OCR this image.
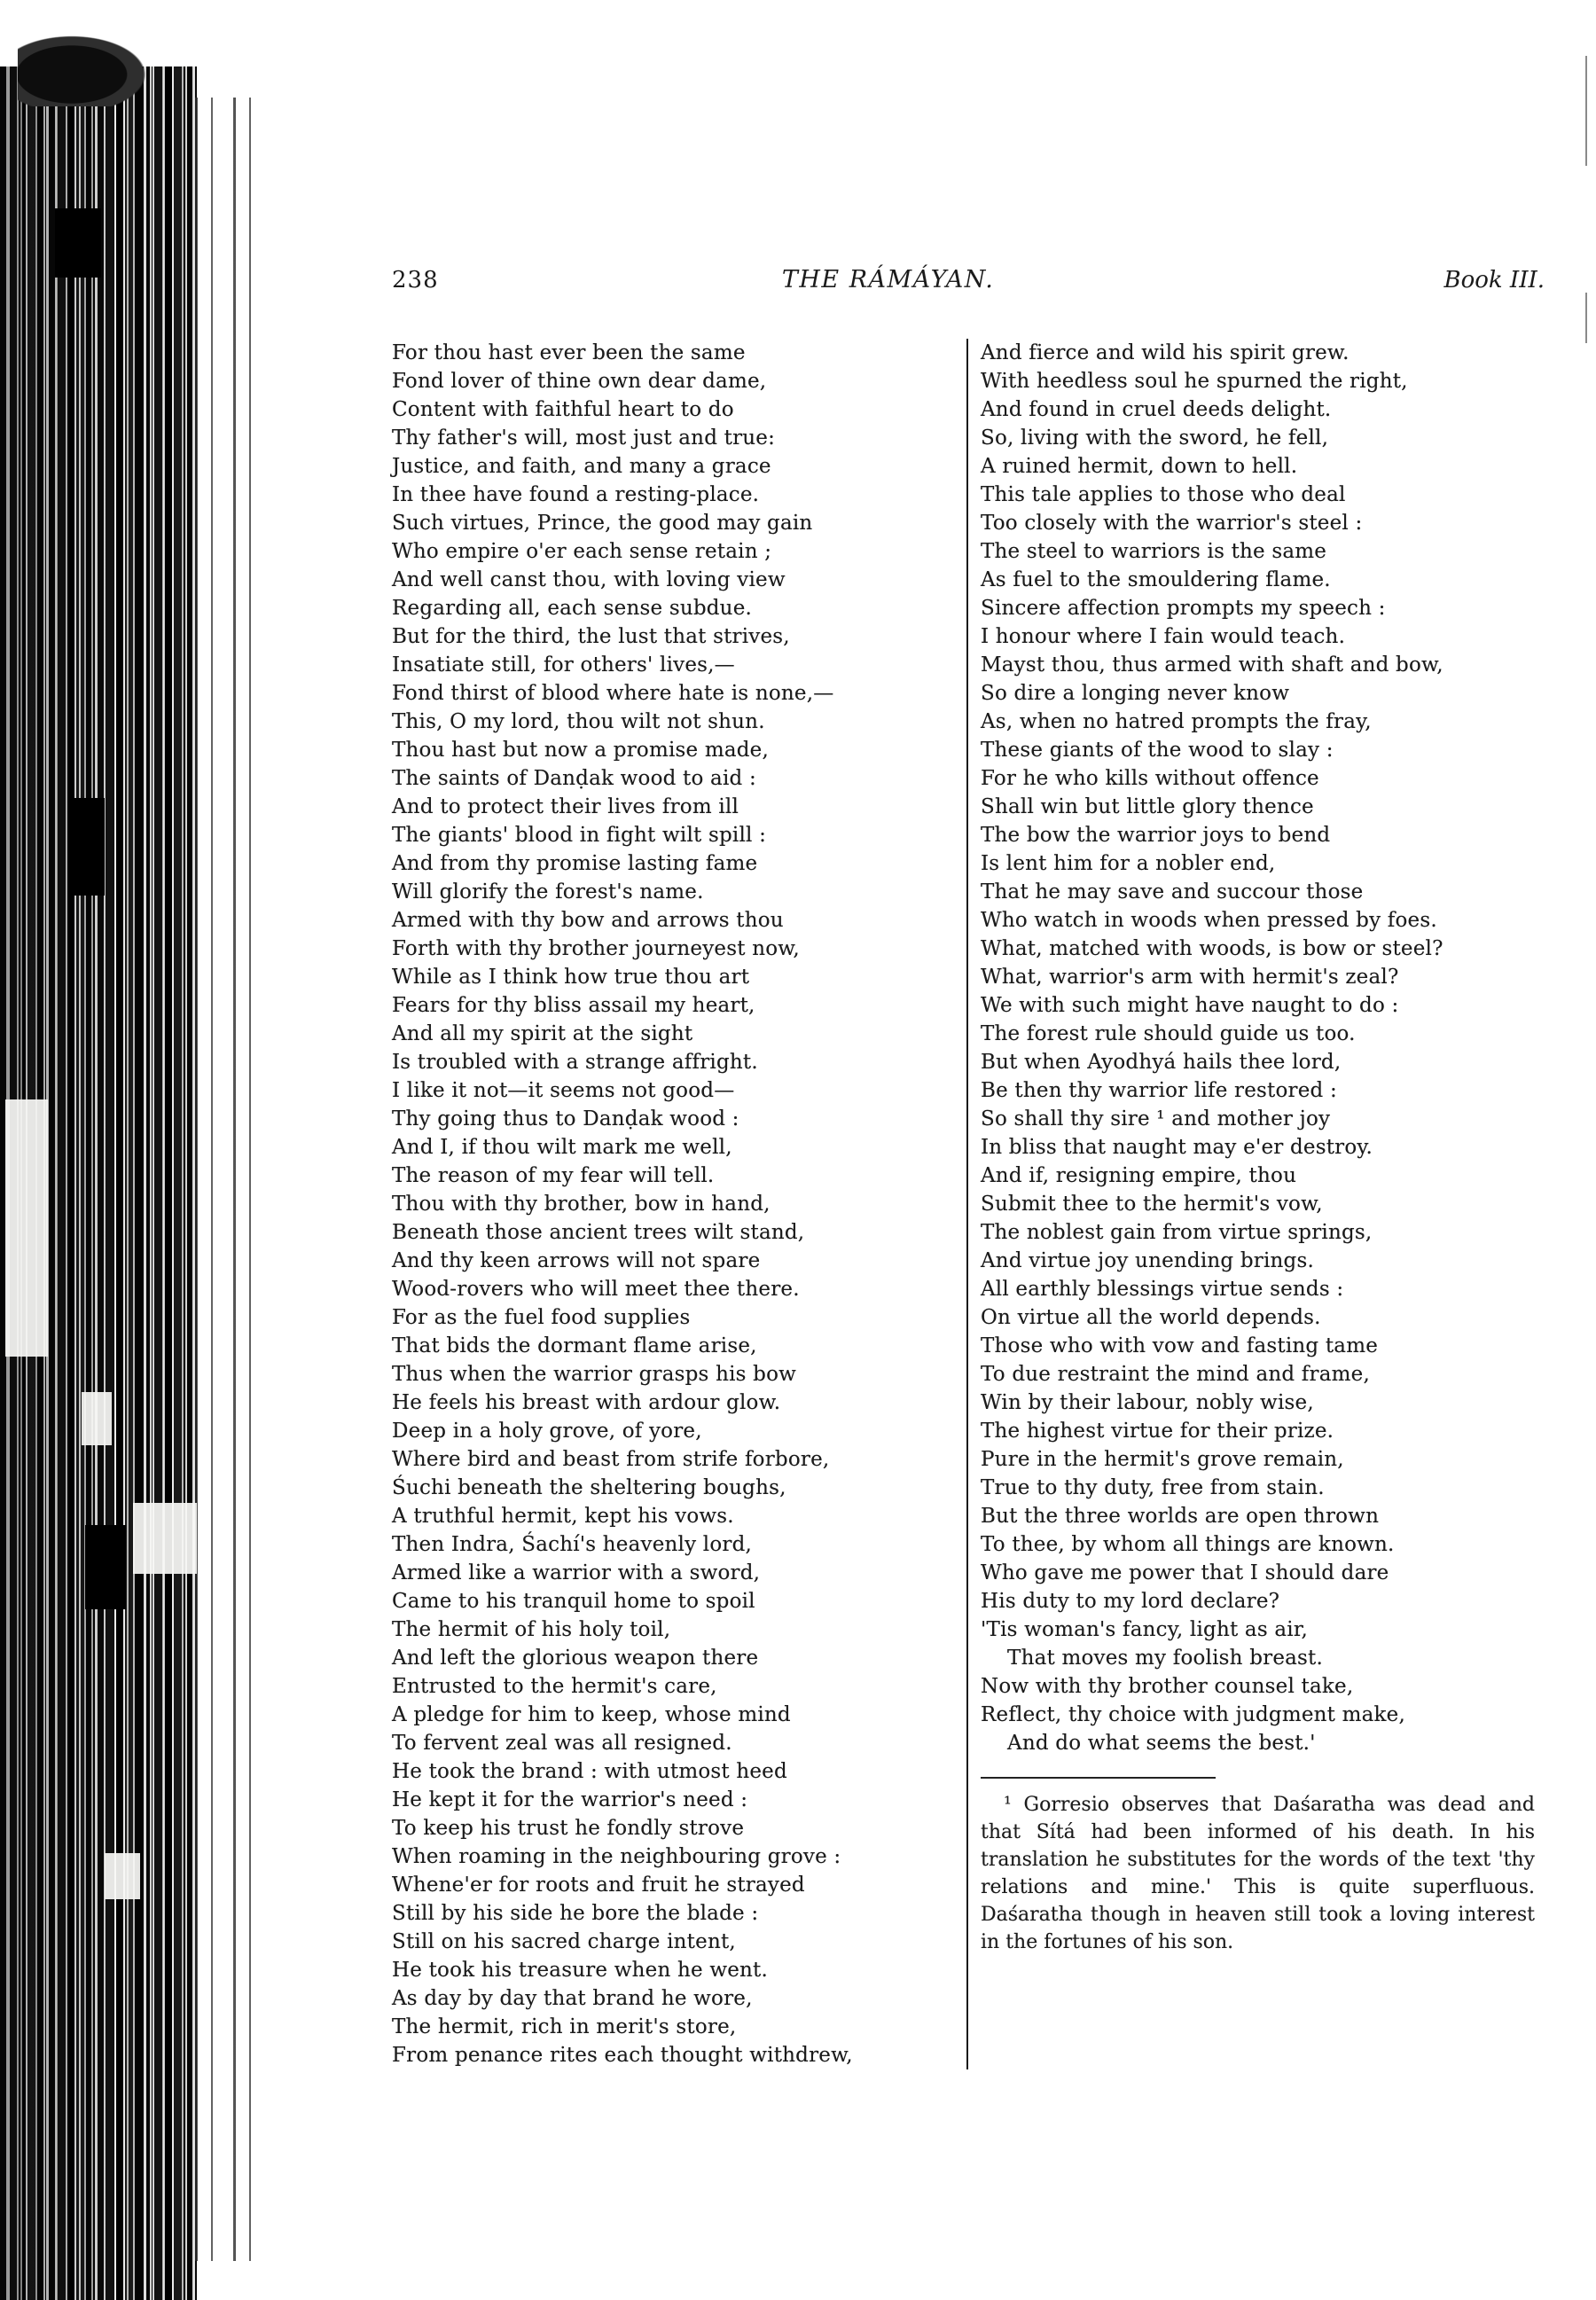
238	THE RÁMÁYAN.	Book III.
For thou hast ever been the same
Fond lover of thine own dear dame,
Content with faithful heart to do
Thy father's will, most just and true:
Justice, and faith, and many a grace
In thee have found a resting-place.
Such virtues, Prince, the good may gain
Who empire o'er each sense retain ;
And well canst thou, with loving view
Regarding all, each sense subdue.
But for the third, the lust that strives,
Insatiate still, for others' lives,—
Fond thirst of blood where hate is none,—
This, O my lord, thou wilt not shun.
Thou hast but now a promise made,
The saints of Danḍak wood to aid :
And to protect their lives from ill
The giants' blood in fight wilt spill :
And from thy promise lasting fame
Will glorify the forest's name.
Armed with thy bow and arrows thou
Forth with thy brother journeyest now,
While as I think how true thou art
Fears for thy bliss assail my heart,
And all my spirit at the sight
Is troubled with a strange affright.
I like it not—it seems not good—
Thy going thus to Danḍak wood :
And I, if thou wilt mark me well,
The reason of my fear will tell.
Thou with thy brother, bow in hand,
Beneath those ancient trees wilt stand,
And thy keen arrows will not spare
Wood-rovers who will meet thee there.
For as the fuel food supplies
That bids the dormant flame arise,
Thus when the warrior grasps his bow
He feels his breast with ardour glow.
Deep in a holy grove, of yore,
Where bird and beast from strife forbore,
Śuchi beneath the sheltering boughs,
A truthful hermit, kept his vows.
Then Indra, Śachí's heavenly lord,
Armed like a warrior with a sword,
Came to his tranquil home to spoil
The hermit of his holy toil,
And left the glorious weapon there
Entrusted to the hermit's care,
A pledge for him to keep, whose mind
To fervent zeal was all resigned.
He took the brand : with utmost heed
He kept it for the warrior's need :
To keep his trust he fondly strove
When roaming in the neighbouring grove :
Whene'er for roots and fruit he strayed
Still by his side he bore the blade :
Still on his sacred charge intent,
He took his treasure when he went.
As day by day that brand he wore,
The hermit, rich in merit's store,
From penance rites each thought withdrew,
And fierce and wild his spirit grew.
With heedless soul he spurned the right,
And found in cruel deeds delight.
So, living with the sword, he fell,
A ruined hermit, down to hell.
This tale applies to those who deal
Too closely with the warrior's steel :
The steel to warriors is the same
As fuel to the smouldering flame.
Sincere affection prompts my speech :
I honour where I fain would teach.
Mayst thou, thus armed with shaft and bow,
So dire a longing never know
As, when no hatred prompts the fray,
These giants of the wood to slay :
For he who kills without offence
Shall win but little glory thence
The bow the warrior joys to bend
Is lent him for a nobler end,
That he may save and succour those
Who watch in woods when pressed by foes.
What, matched with woods, is bow or steel?
What, warrior's arm with hermit's zeal?
We with such might have naught to do :
The forest rule should guide us too.
But when Ayodhyá hails thee lord,
Be then thy warrior life restored :
So shall thy sire ¹ and mother joy
In bliss that naught may e'er destroy.
And if, resigning empire, thou
Submit thee to the hermit's vow,
The noblest gain from virtue springs,
And virtue joy unending brings.
All earthly blessings virtue sends :
On virtue all the world depends.
Those who with vow and fasting tame
To due restraint the mind and frame,
Win by their labour, nobly wise,
The highest virtue for their prize.
Pure in the hermit's grove remain,
True to thy duty, free from stain.
But the three worlds are open thrown
To thee, by whom all things are known.
Who gave me power that I should dare
His duty to my lord declare?
'Tis woman's fancy, light as air,
That moves my foolish breast.
Now with thy brother counsel take,
Reflect, thy choice with judgment make,
And do what seems the best.'

¹ Gorresio observes that Daśaratha was dead and that Sítá had been informed of his death. In his translation he substitutes for the words of the text 'thy relations and mine.' This is quite superfluous. Daśaratha though in heaven still took a loving interest in the fortunes of his son.
